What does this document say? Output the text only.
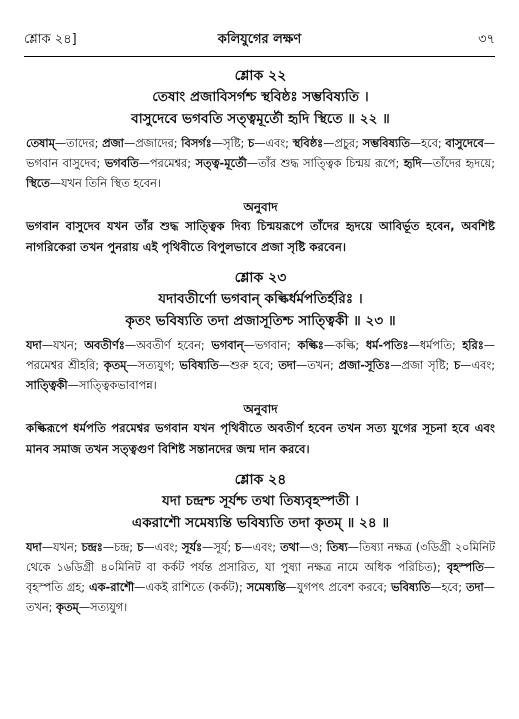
শ্লোক ২৪]	কলিযুগের লক্ষণ	৩৭
শ্লোক ২২
তেষাং প্রজাবিসর্গশ্চ স্থবিষ্ঠঃ সম্ভবিষ্যতি ।
বাসুদেবে ভগবতি সত্ত্বমূর্তৌ হৃদি স্থিতে ॥ ২২ ॥
তেষাম্—তাদের; প্রজা—প্রজাদের; বিসর্গঃ—সৃষ্টি; চ—এবং; স্থবিষ্ঠঃ—প্রচুর; সম্ভবিষ্যতি—হবে; বাসুদেবে—ভগবান বাসুদেব; ভগবতি—পরমেশ্বর; সত্ত্ব-মূর্তৌ—তাঁর শুদ্ধ সাত্ত্বিক চিন্ময় রূপে; হৃদি—তাঁদের হৃদয়ে; স্থিতে—যখন তিনি স্থিত হবেন।
অনুবাদ
ভগবান বাসুদেব যখন তাঁর শুদ্ধ সাত্ত্বিক দিব্য চিন্ময়রূপে তাঁদের হৃদয়ে আবির্ভূত হবেন, অবশিষ্ট নাগরিকেরা তখন পুনরায় এই পৃথিবীতে বিপুলভাবে প্রজা সৃষ্টি করবেন।
শ্লোক ২৩
যদাবতীর্ণো ভগবান্ কল্কির্ধর্মপতির্হরিঃ ।
কৃতং ভবিষ্যতি তদা প্রজাসূতিশ্চ সাত্ত্বিকী ॥ ২৩ ॥
যদা—যখন; অবতীর্ণঃ—অবতীর্ণ হবেন; ভগবান্—ভগবান; কল্কিঃ—কল্কি; ধর্ম-পতিঃ—ধর্মপতি; হরিঃ—পরমেশ্বর শ্রীহরি; কৃতম্—সত্যযুগ; ভবিষ্যতি—শুরু হবে; তদা—তখন; প্রজা-সূতিঃ—প্রজা সৃষ্টি; চ—এবং; সাত্ত্বিকী—সাত্ত্বিকভাবাপন্ন।
অনুবাদ
কল্কিরূপে ধর্মপতি পরমেশ্বর ভগবান যখন পৃথিবীতে অবতীর্ণ হবেন তখন সত্য যুগের সূচনা হবে এবং মানব সমাজ তখন সত্ত্বগুণ বিশিষ্ট সন্তানদের জন্ম দান করবে।
শ্লোক ২৪
যদা চন্দ্রশ্চ সূর্যশ্চ তথা তিষ্যবৃহস্পতী ।
একরাশৌ সমেষ্যন্তি ভবিষ্যতি তদা কৃতম্ ॥ ২৪ ॥
যদা—যখন; চন্দ্রঃ—চন্দ্র; চ—এবং; সূর্যঃ—সূর্য; চ—এবং; তথা—ও; তিষ্য—তিষ্যা নক্ষত্র (৩ডিগ্রী ২০মিনিট থেকে ১৬ডিগ্রী ৪০মিনিট বা কর্কট পর্যন্ত প্রসারিত, যা পুষ্যা নক্ষত্র নামে অধিক পরিচিত); বৃহস্পতি—বৃহস্পতি গ্রহ; এক-রাশৌ—একই রাশিতে (কর্কট); সমেষ্যন্তি—যুগপৎ প্রবেশ করবে; ভবিষ্যতি—হবে; তদা—তখন; কৃতম্—সত্যযুগ।
